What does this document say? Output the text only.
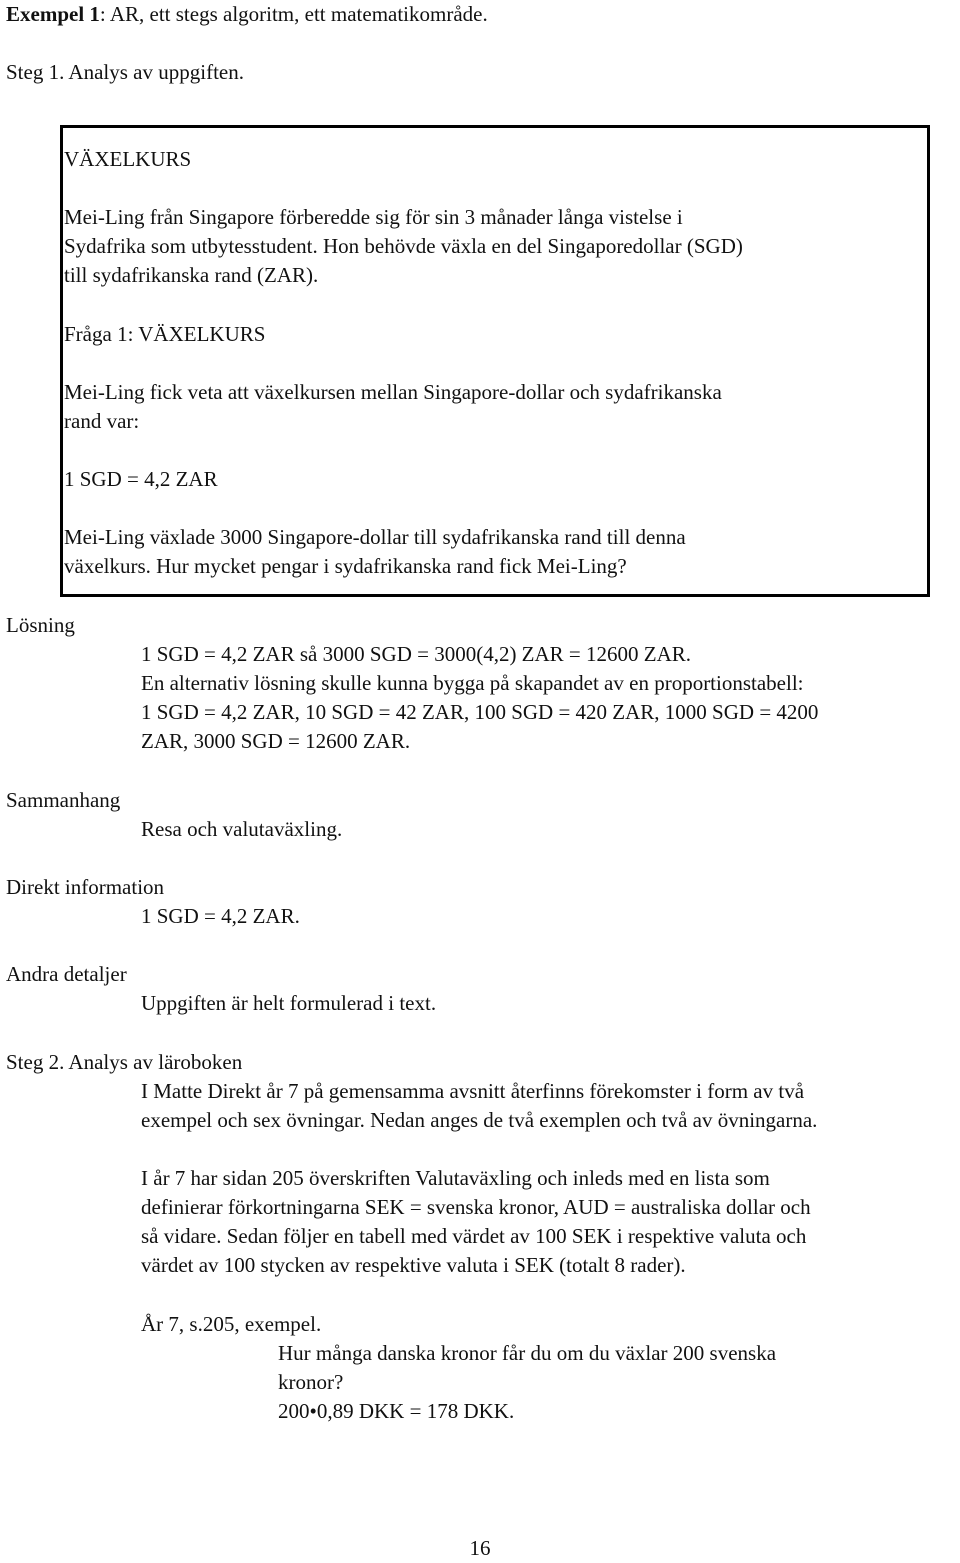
Exempel 1: AR, ett stegs algoritm, ett matematikområde.
Steg 1. Analys av uppgiften.
VÄXELKURS
Mei-Ling från Singapore förberedde sig för sin 3 månader långa vistelse i
Sydafrika som utbytesstudent. Hon behövde växla en del Singaporedollar (SGD)
till sydafrikanska rand (ZAR).
Fråga 1: VÄXELKURS
Mei-Ling fick veta att växelkursen mellan Singapore-dollar och sydafrikanska
rand var:
1 SGD = 4,2 ZAR
Mei-Ling växlade 3000 Singapore-dollar till sydafrikanska rand till denna
växelkurs. Hur mycket pengar i sydafrikanska rand fick Mei-Ling?
Lösning
1 SGD = 4,2 ZAR så 3000 SGD = 3000(4,2) ZAR = 12600 ZAR.
En alternativ lösning skulle kunna bygga på skapandet av en proportionstabell:
1 SGD = 4,2 ZAR, 10 SGD = 42 ZAR, 100 SGD = 420 ZAR, 1000 SGD = 4200
ZAR, 3000 SGD = 12600 ZAR.
Sammanhang
Resa och valutaväxling.
Direkt information
1 SGD = 4,2 ZAR.
Andra detaljer
Uppgiften är helt formulerad i text.
Steg 2. Analys av läroboken
I Matte Direkt år 7 på gemensamma avsnitt återfinns förekomster i form av två
exempel och sex övningar. Nedan anges de två exemplen och två av övningarna.
I år 7 har sidan 205 överskriften Valutaväxling och inleds med en lista som
definierar förkortningarna SEK = svenska kronor, AUD = australiska dollar och
så vidare. Sedan följer en tabell med värdet av 100 SEK i respektive valuta och
värdet av 100 stycken av respektive valuta i SEK (totalt 8 rader).
År 7, s.205, exempel.
Hur många danska kronor får du om du växlar 200 svenska
kronor?
200•0,89 DKK = 178 DKK.
16
